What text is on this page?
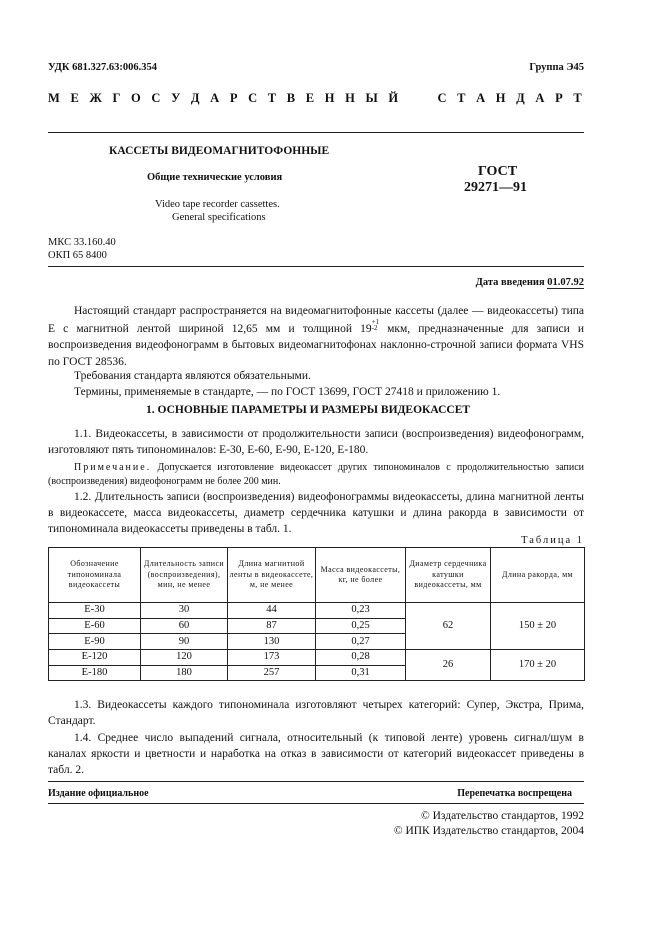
УДК 681.327.63:006.354	Группа Э45
М Е Ж Г О С У Д А Р С Т В Е Н Н Ы Й	С Т А Н Д А Р Т
КАССЕТЫ ВИДЕОМАГНИТОФОННЫЕ
Общие технические условия
Video tape recorder cassettes.
General specifications
ГОСТ
29271—91
МКС 33.160.40
ОКП 65 8400
Дата введения 01.07.92

Настоящий стандарт распространяется на видеомагнитофонные кассеты (далее — видеокассеты) типа Е с магнитной лентой шириной 12,65 мм и толщиной 19
+1
-2 мкм, предназначенные для записи и воспроизведения видеофонограмм в бытовых видеомагнитофонах наклонно-строчной записи формата VHS по ГОСТ 28536.

Требования стандарта являются обязательными.

Термины, применяемые в стандарте, — по ГОСТ 13699, ГОСТ 27418 и приложению 1.

1. ОСНОВНЫЕ ПАРАМЕТРЫ И РАЗМЕРЫ ВИДЕОКАССЕТ

1.1. Видеокассеты, в зависимости от продолжительности записи (воспроизведения) видеофонограмм, изготовляют пять типономиналов: Е-30, Е-60, Е-90, Е-120, Е-180.

Примечание. Допускается изготовление видеокассет других типономиналов с продолжительностью записи (воспроизведения) видеофонограмм не более 200 мин.

1.2. Длительность записи (воспроизведения) видеофонограммы видеокассеты, длина магнитной ленты в видеокассете, масса видеокассеты, диаметр сердечника катушки и длина ракорда в зависимости от типономинала видеокассеты приведены в табл. 1.

Таблица 1
Обозначение типономинала видеокассеты	Длительность записи (воспроизведения), мин, не менее	Длина магнитной ленты в видеокассете, м, не менее	Масса видеокассеты, кг, не более	Диаметр сердечника катушки видеокассеты, мм	Длина ракорда, мм
Е-30	30	44	0,23	62	150 ± 20
Е-60	60	87	0,25		
Е-90	90	130	0,27		
Е-120	120	173	0,28	26	170 ± 20
Е-180	180	257	0,31		

1.3. Видеокассеты каждого типономинала изготовляют четырех категорий: Супер, Экстра, Прима, Стандарт.

1.4. Среднее число выпадений сигнала, относительный (к типовой ленте) уровень сигнал/шум в каналах яркости и цветности и наработка на отказ в зависимости от категорий видеокассет приведены в табл. 2.

Издание официальное	Перепечатка воспрещена
© Издательство стандартов, 1992
© ИПК Издательство стандартов, 2004
